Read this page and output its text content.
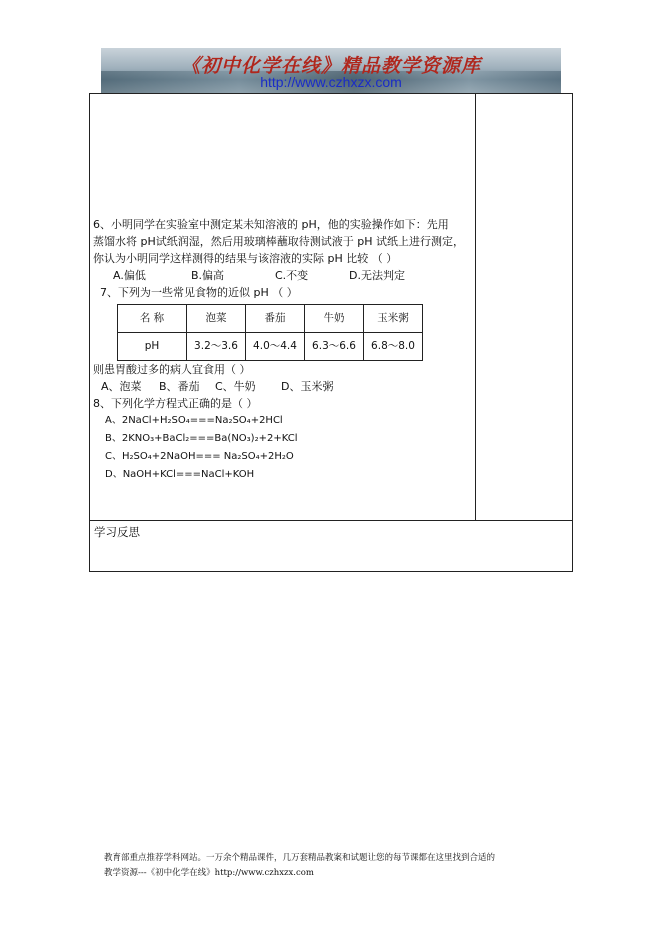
《初中化学在线》精品教学资源库
http://www.czhxzx.com
6、小明同学在实验室中测定某未知溶液的 pH，他的实验操作如下：先用
蒸馏水将 pH试纸润湿，然后用玻璃棒蘸取待测试液于 pH 试纸上进行测定，
你认为小明同学这样测得的结果与该溶液的实际 pH 比较 （ ）
A.偏低	B.偏高	C.不变	D.无法判定
7、下列为一些常见食物的近似 pH （ ）
名 称	泡菜	番茄	牛奶	玉米粥
pH	3.2～3.6	4.0～4.4	6.3～6.6	6.8～8.0
则患胃酸过多的病人宜食用（ ）
A、泡菜	B、番茄	C、牛奶	D、玉米粥
8、下列化学方程式正确的是（ ）
A、2NaCl+H₂SO₄===Na₂SO₄+2HCl
B、2KNO₃+BaCl₂===Ba(NO₃)₂+2+KCl
C、H₂SO₄+2NaOH=== Na₂SO₄+2H₂O
D、NaOH+KCl===NaCl+KOH
学习反思
教育部重点推荐学科网站。一万余个精品课件，几万套精品教案和试题让您的每节课都在这里找到合适的
教学资源---《初中化学在线》http://www.czhxzx.com
